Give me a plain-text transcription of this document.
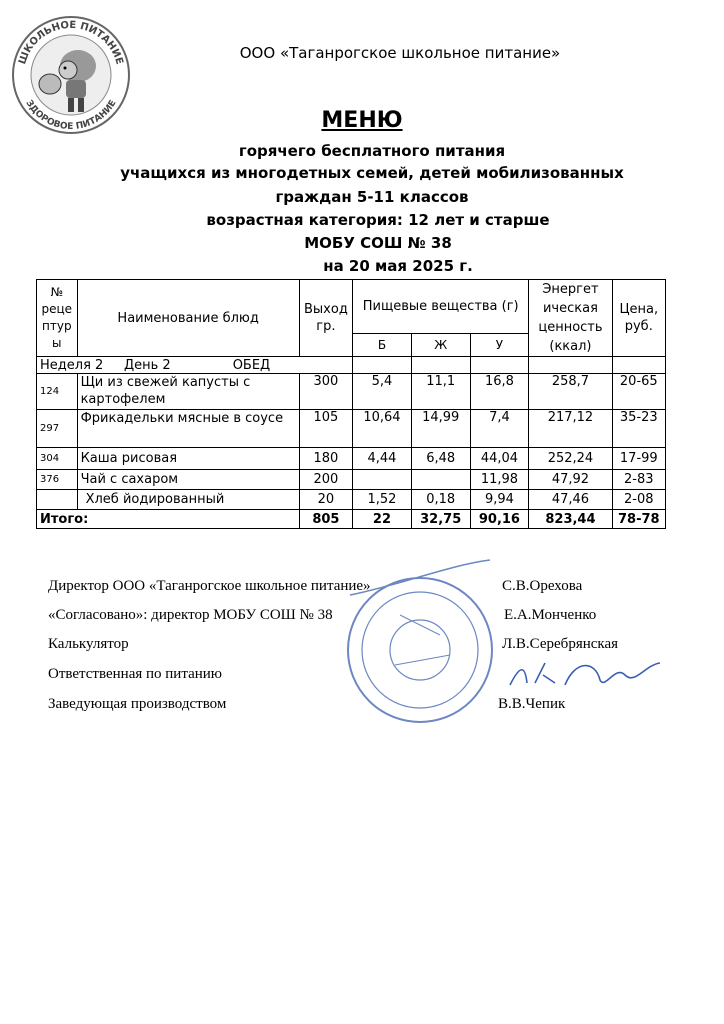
ШКОЛЬНОЕ ПИТАНИЕ
ЗДОРОВОЕ ПИТАНИЕ
ООО «Таганрогское школьное питание»
МЕНЮ
горячего бесплатного питания
учащихся из многодетных семей, детей мобилизованных
граждан 5-11 классов
возрастная категория: 12 лет и старше
МОБУ СОШ № 38
на 20 мая 2025 г.
№ реце птур ы	Наименование блюд	Выход гр.	Пищевые вещества (г)			Энергет ическая ценность (ккал)	Цена, руб.
			Б	Ж	У		
Неделя 2 День 2 ОБЕД							
124	Щи из свежей капусты с картофелем	300	5,4	11,1	16,8	258,7	20-65
297	Фрикадельки мясные в соусе	105	10,64	14,99	7,4	217,12	35-23
304	Каша рисовая	180	4,44	6,48	44,04	252,24	17-99
376	Чай с сахаром	200			11,98	47,92	2-83
	Хлеб йодированный	20	1,52	0,18	9,94	47,46	2-08
Итого:		805	22	32,75	90,16	823,44	78-78
Директор ООО «Таганрогское школьное питание»	С.В.Орехова
«Согласовано»: директор МОБУ СОШ № 38	Е.А.Монченко
Калькулятор	Л.В.Серебрянская
Ответственная по питанию
Заведующая производством	В.В.Чепик
